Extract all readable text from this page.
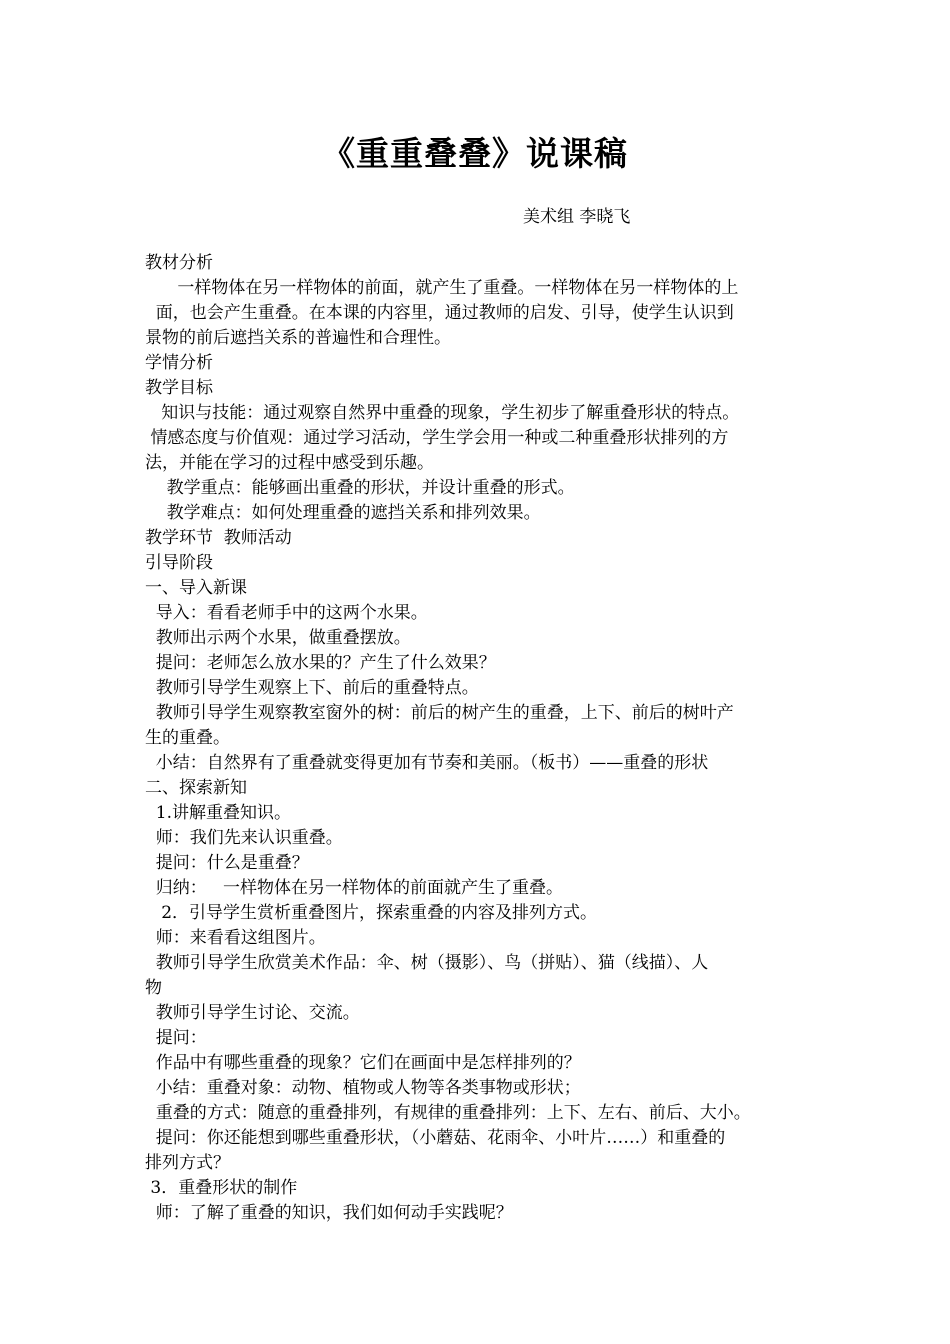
《重重叠叠》说课稿
美术组 李晓飞
教材分析
一样物体在另一样物体的前面，就产生了重叠。一样物体在另一样物体的上
面，也会产生重叠。在本课的内容里，通过教师的启发、引导，使学生认识到
景物的前后遮挡关系的普遍性和合理性。
学情分析
教学目标
知识与技能：通过观察自然界中重叠的现象，学生初步了解重叠形状的特点。
情感态度与价值观：通过学习活动，学生学会用一种或二种重叠形状排列的方
法，并能在学习的过程中感受到乐趣。
教学重点：能够画出重叠的形状，并设计重叠的形式。
教学难点：如何处理重叠的遮挡关系和排列效果。
教学环节  教师活动
引导阶段
一、导入新课
导入：看看老师手中的这两个水果。
教师出示两个水果，做重叠摆放。
提问：老师怎么放水果的？产生了什么效果？
教师引导学生观察上下、前后的重叠特点。
教师引导学生观察教室窗外的树：前后的树产生的重叠，上下、前后的树叶产
生的重叠。
小结：自然界有了重叠就变得更加有节奏和美丽。（板书）——重叠的形状
二、探索新知
1.讲解重叠知识。
师：我们先来认识重叠。
提问：什么是重叠？
归纳：   一样物体在另一样物体的前面就产生了重叠。
2．引导学生赏析重叠图片，探索重叠的内容及排列方式。
师：来看看这组图片。
教师引导学生欣赏美术作品：伞、树（摄影）、鸟（拼贴）、猫（线描）、人
物
教师引导学生讨论、交流。
提问：
作品中有哪些重叠的现象？它们在画面中是怎样排列的？
小结：重叠对象：动物、植物或人物等各类事物或形状；
重叠的方式：随意的重叠排列，有规律的重叠排列：上下、左右、前后、大小。
提问：你还能想到哪些重叠形状，（小蘑菇、花雨伞、小叶片……）和重叠的
排列方式？
3．重叠形状的制作
师：了解了重叠的知识，我们如何动手实践呢？
